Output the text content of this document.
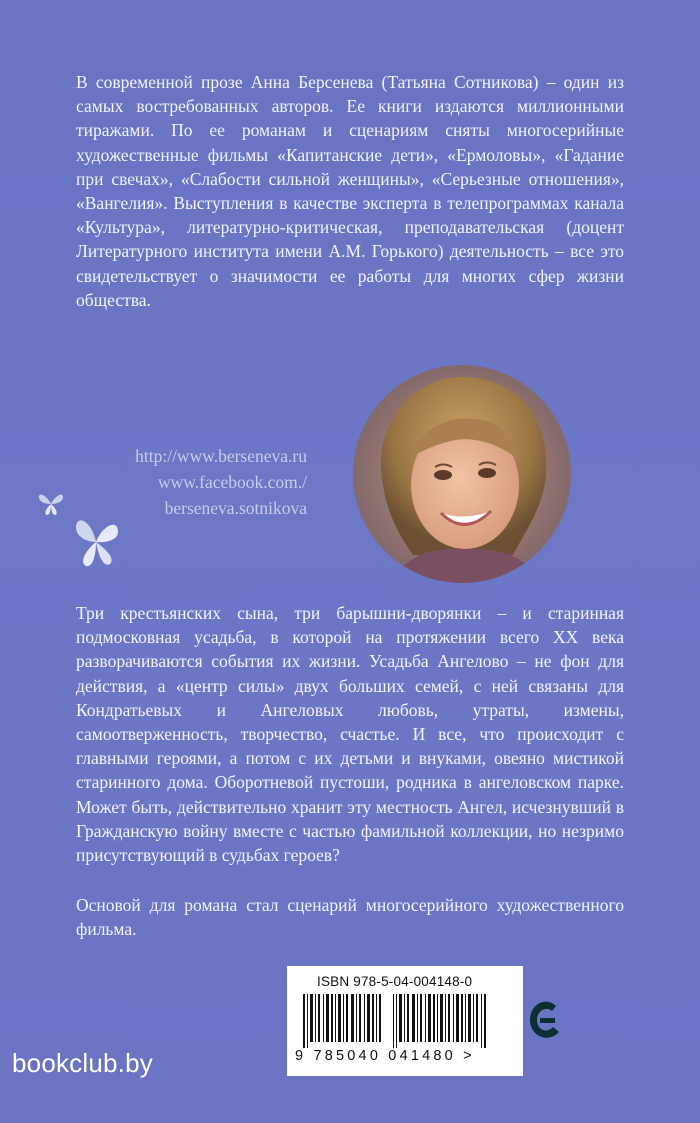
В современной прозе Анна Берсенева (Татьяна Сотникова) – один из самых востребованных авторов. Ее книги издаются миллионными тиражами. По ее романам и сценариям сняты многосерийные художественные фильмы «Капитанские дети», «Ермоловы», «Гадание при свечах», «Слабости сильной женщины», «Серьезные отношения», «Вангелия». Выступления в качестве эксперта в телепрограммах канала «Культура», литературно-критическая, преподавательская (доцент Литературного института имени А.М. Горького) деятельность – все это свидетельствует о значимости ее работы для многих сфер жизни общества.

http://www.berseneva.ru
www.facebook.com./
berseneva.sotnikova

Три крестьянских сына, три барышни-дворянки – и старинная подмосковная усадьба, в которой на протяжении всего XX века разворачиваются события их жизни. Усадьба Ангелово – не фон для действия, а «центр силы» двух больших семей, с ней связаны для Кондратьевых и Ангеловых любовь, утраты, измены, самоотверженность, творчество, счастье. И все, что происходит с главными героями, а потом с их детьми и внуками, овеяно мистикой старинного дома. Оборотневой пустоши, родника в ангеловском парке. Может быть, действительно хранит эту местность Ангел, исчезнувший в Гражданскую войну вместе с частью фамильной коллекции, но незримо присутствующий в судьбах героев?

Основой для романа стал сценарий многосерийного художественного фильма.

ISBN 978-5-04-004148-0
9 785040 041480 >
bookclub.by
